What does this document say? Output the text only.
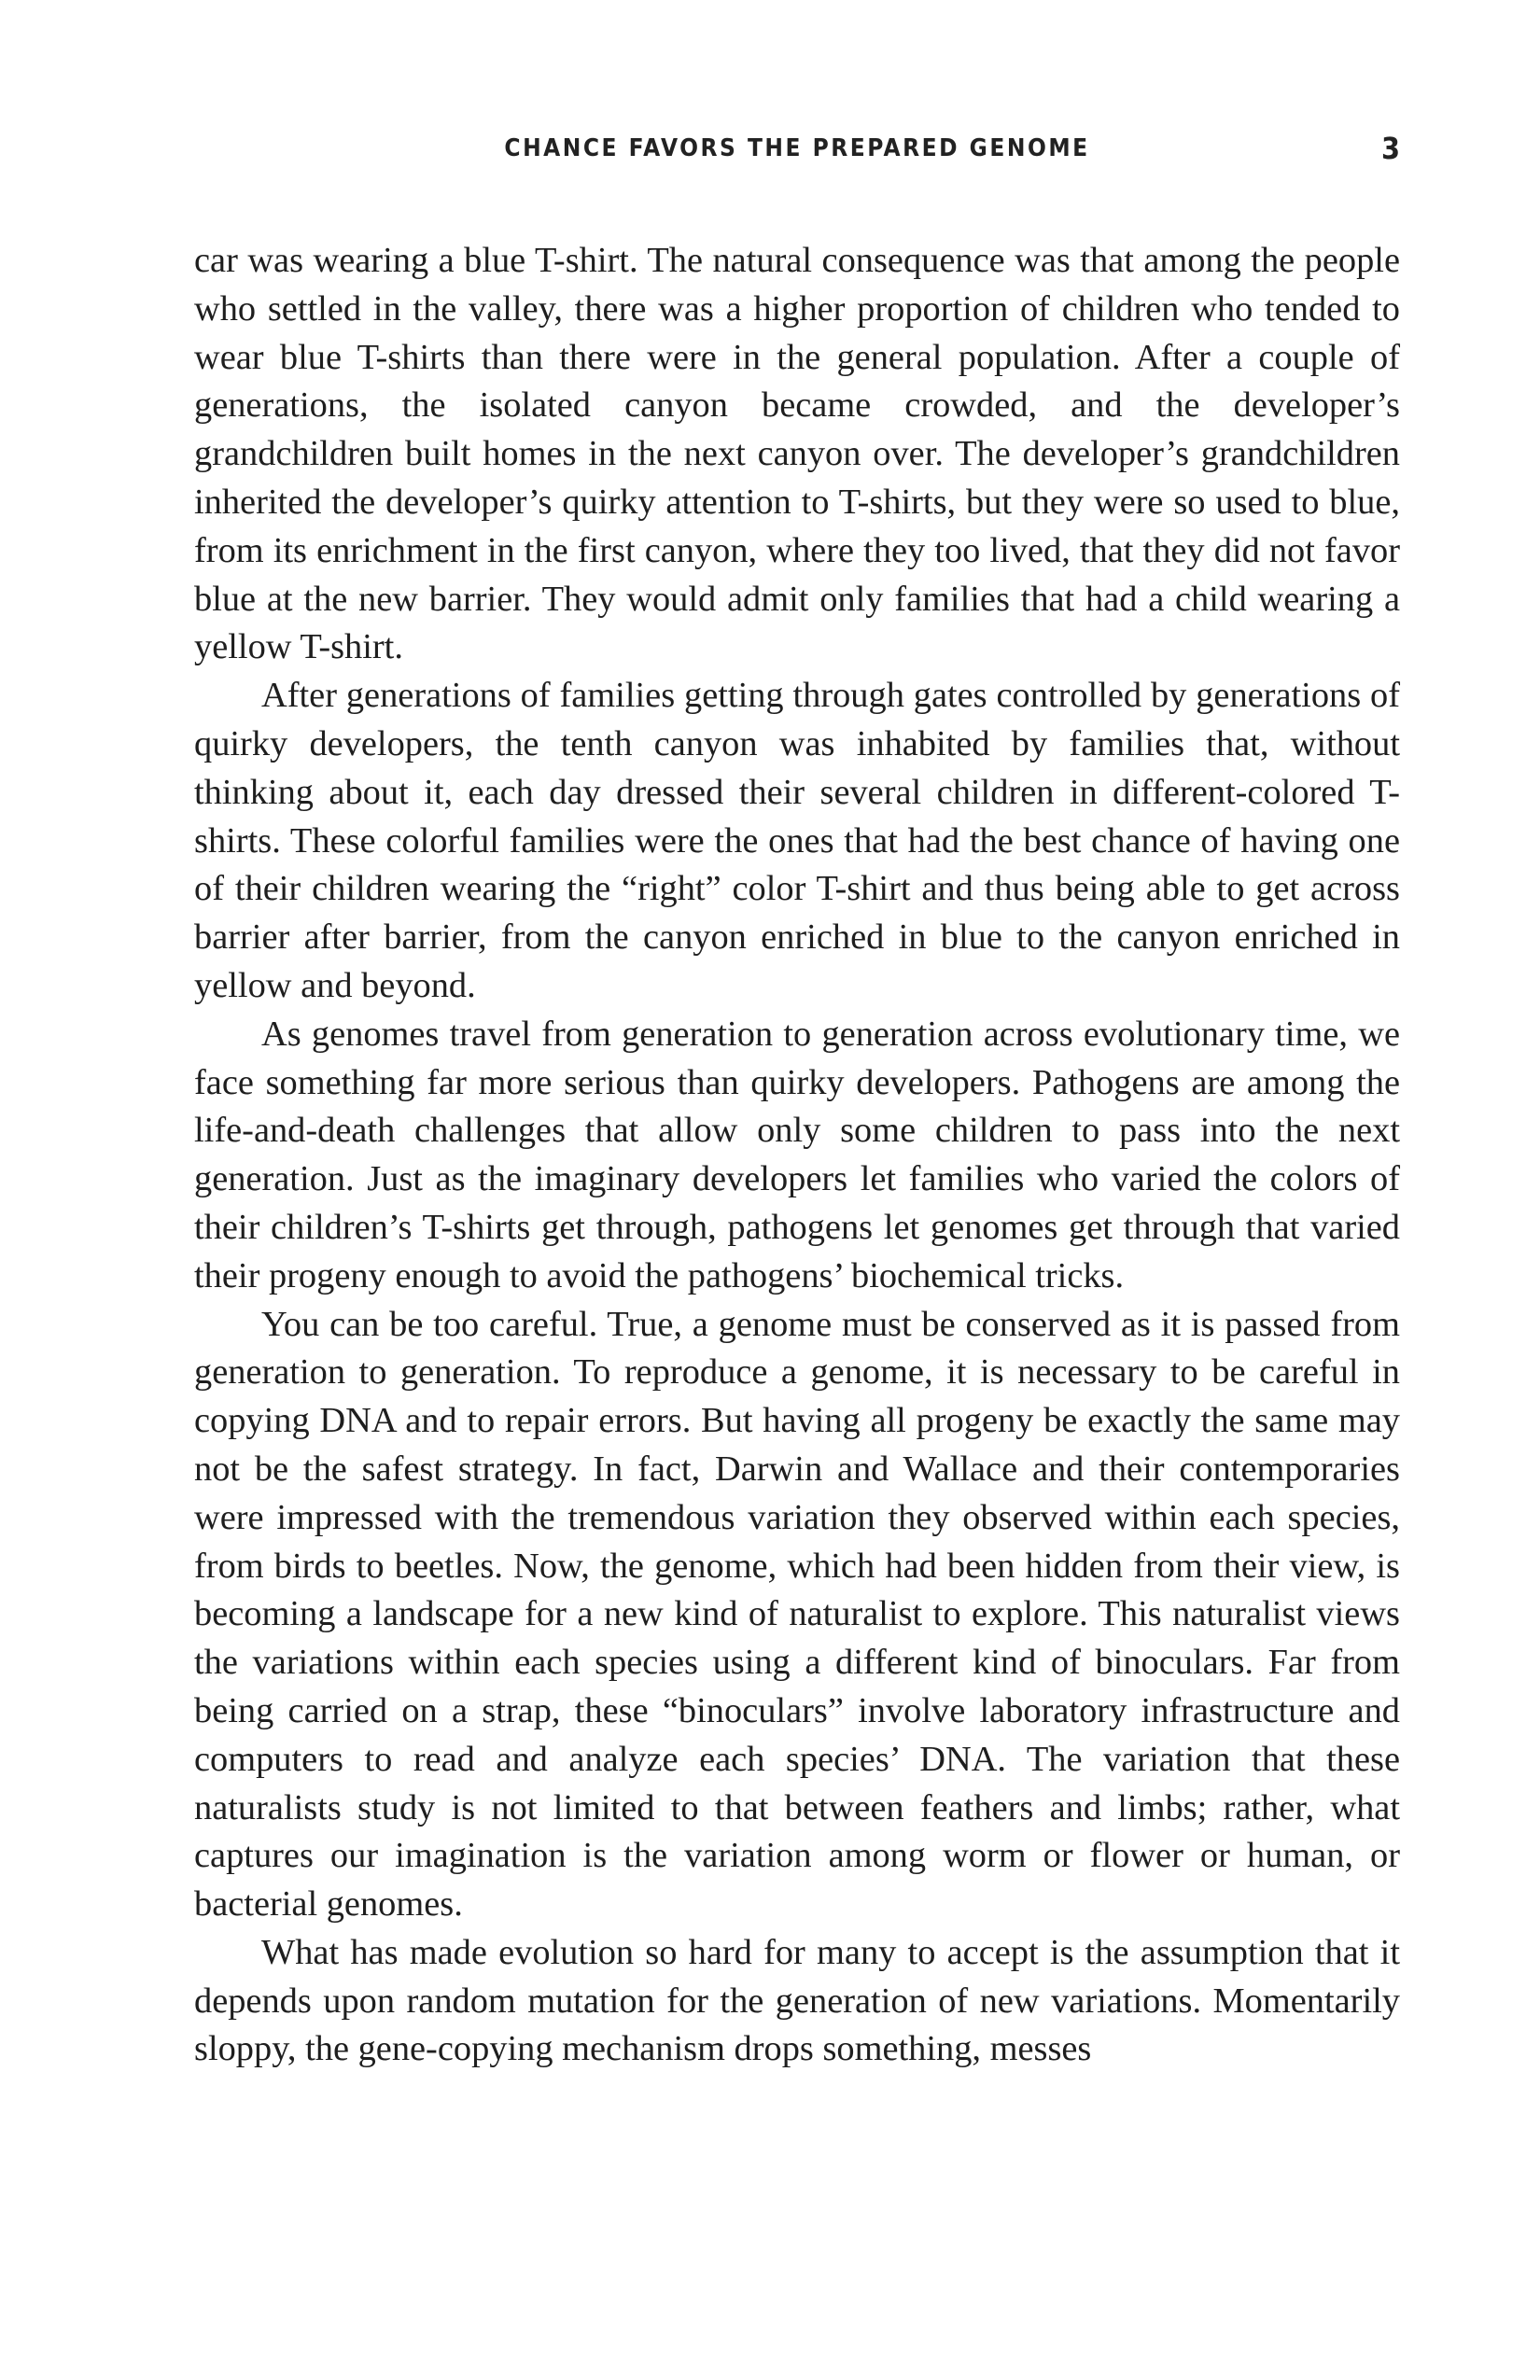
CHANCE FAVORS THE PREPARED GENOME	3

car was wearing a blue T-shirt. The natural consequence was that among the people who settled in the valley, there was a higher proportion of children who tended to wear blue T-shirts than there were in the general population. After a couple of generations, the isolated canyon became crowded, and the developer’s grandchildren built homes in the next canyon over. The developer’s grandchildren inherited the developer’s quirky attention to T-shirts, but they were so used to blue, from its enrichment in the first canyon, where they too lived, that they did not favor blue at the new barrier. They would admit only families that had a child wearing a yellow T-shirt.

After generations of families getting through gates controlled by generations of quirky developers, the tenth canyon was inhabited by families that, without thinking about it, each day dressed their several children in different-colored T-shirts. These colorful families were the ones that had the best chance of having one of their children wearing the “right” color T-shirt and thus being able to get across barrier after barrier, from the canyon enriched in blue to the canyon enriched in yellow and beyond.

As genomes travel from generation to generation across evolutionary time, we face something far more serious than quirky developers. Pathogens are among the life-and-death challenges that allow only some children to pass into the next generation. Just as the imaginary developers let families who varied the colors of their children’s T-shirts get through, pathogens let genomes get through that varied their progeny enough to avoid the pathogens’ biochemical tricks.

You can be too careful. True, a genome must be conserved as it is passed from generation to generation. To reproduce a genome, it is necessary to be careful in copying DNA and to repair errors. But having all progeny be exactly the same may not be the safest strategy. In fact, Darwin and Wallace and their contemporaries were impressed with the tremendous variation they observed within each species, from birds to beetles. Now, the genome, which had been hidden from their view, is becoming a landscape for a new kind of naturalist to explore. This naturalist views the variations within each species using a different kind of binoculars. Far from being carried on a strap, these “binoculars” involve laboratory infrastructure and computers to read and analyze each species’ DNA. The variation that these naturalists study is not limited to that between feathers and limbs; rather, what captures our imagination is the variation among worm or flower or human, or bacterial genomes.

What has made evolution so hard for many to accept is the assumption that it depends upon random mutation for the generation of new variations. Momentarily sloppy, the gene-copying mechanism drops something, messes
